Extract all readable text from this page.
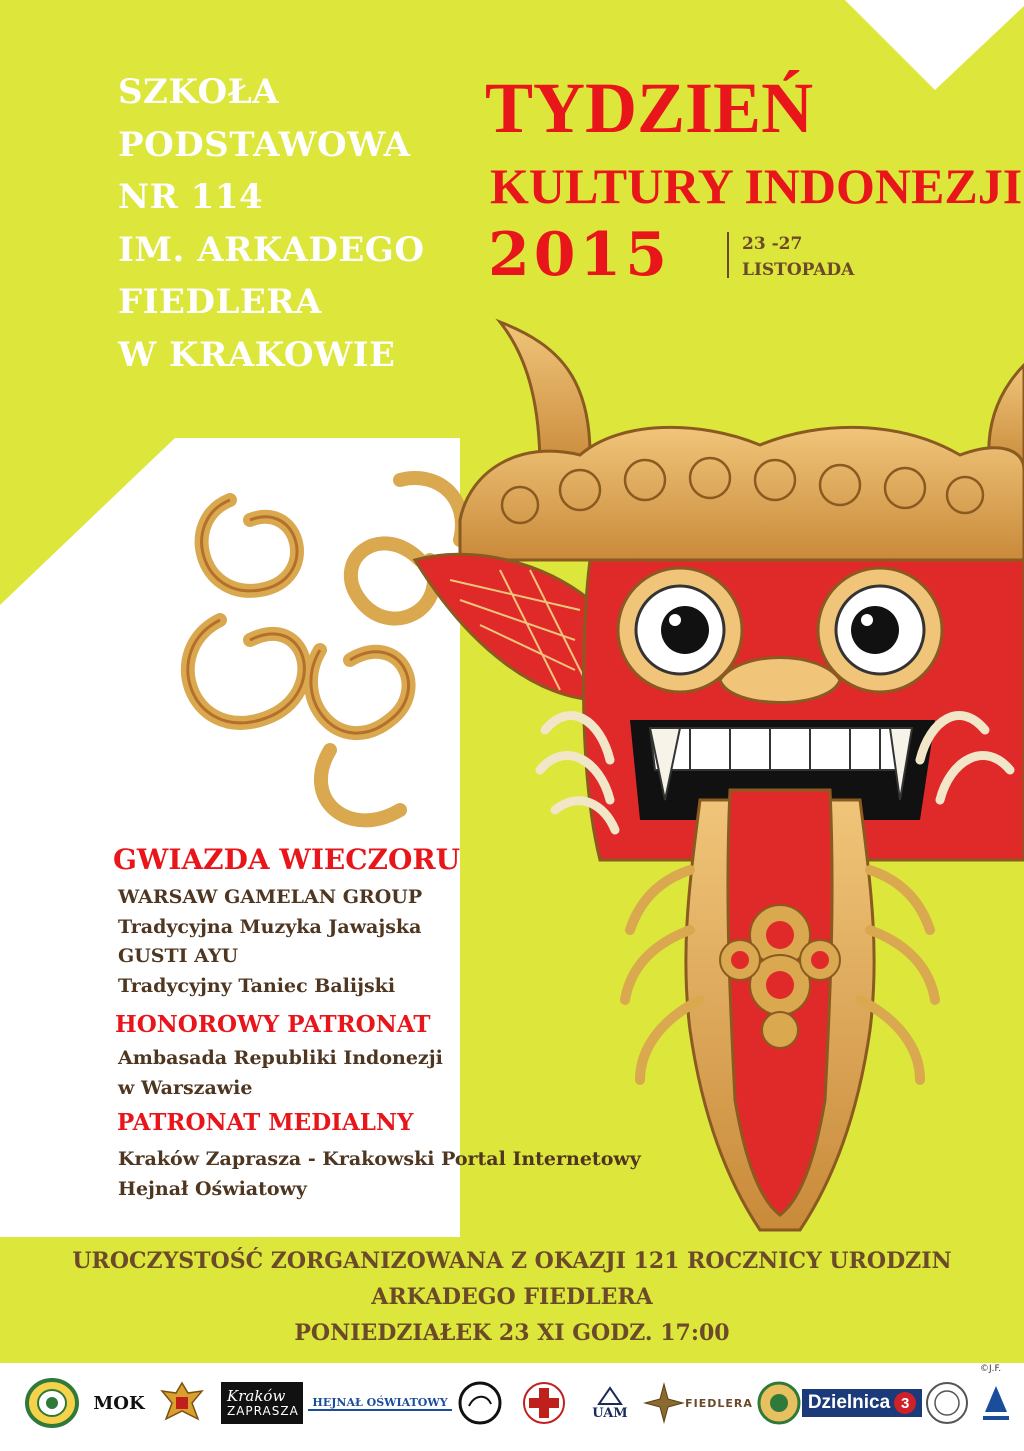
SZKOŁA
PODSTAWOWA
NR 114
IM. ARKADEGO
FIEDLERA
W KRAKOWIE
TYDZIEŃ
KULTURY INDONEZJI
2015	23 -27
LISTOPADA
GWIAZDA WIECZORU
WARSAW GAMELAN GROUP
Tradycyjna Muzyka Jawajska
GUSTI AYU
Tradycyjny Taniec Balijski
HONOROWY PATRONAT
Ambasada Republiki Indonezji
w Warszawie
PATRONAT MEDIALNY
Kraków Zaprasza - Krakowski Portal Internetowy
Hejnał Oświatowy
UROCZYSTOŚĆ ZORGANIZOWANA Z OKAZJI 121 ROCZNICY URODZIN
ARKADEGO FIEDLERA
PONIEDZIAŁEK 23 XI GODZ. 17:00
©J.F.
MOK	Kraków
ZAPRASZA
HEJNAŁ OŚWIATOWY
UAM
FIEDLERA	Dzielnica 3
